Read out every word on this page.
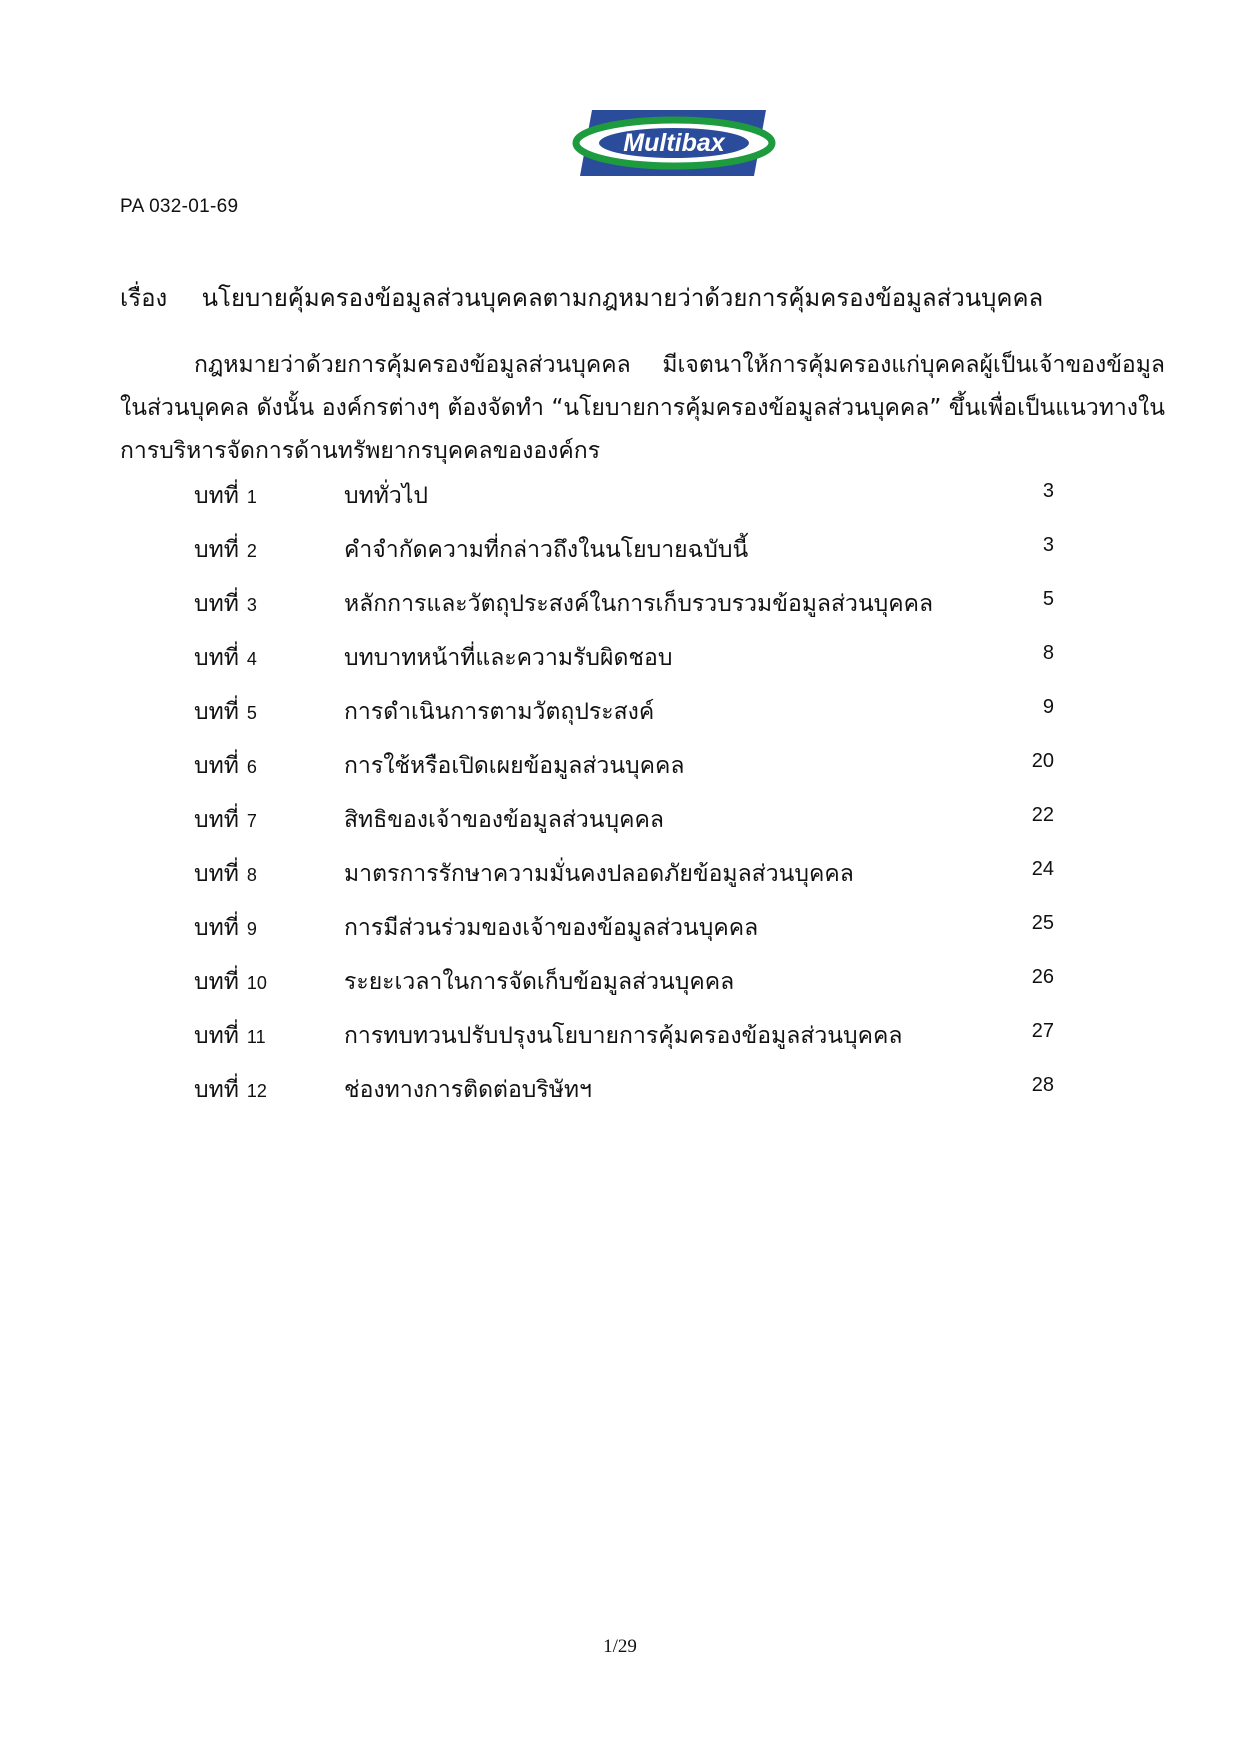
Multibax
PA 032-01-69
เรื่อง นโยบายคุ้มครองข้อมูลส่วนบุคคลตามกฎหมายว่าด้วยการคุ้มครองข้อมูลส่วนบุคคล

กฎหมายว่าด้วยการคุ้มครองข้อมูลส่วนบุคคล มีเจตนาให้การคุ้มครองแก่บุคคลผู้เป็นเจ้าของข้อมูลในส่วนบุคคล ดังนั้น องค์กรต่างๆ ต้องจัดทำ “นโยบายการคุ้มครองข้อมูลส่วนบุคคล” ขึ้นเพื่อเป็นแนวทางในการบริหารจัดการด้านทรัพยากรบุคคลขององค์กร

บทที่ 1	บททั่วไป	3
บทที่ 2	คำจำกัดความที่กล่าวถึงในนโยบายฉบับนี้	3
บทที่ 3	หลักการและวัตถุประสงค์ในการเก็บรวบรวมข้อมูลส่วนบุคคล	5
บทที่ 4	บทบาทหน้าที่และความรับผิดชอบ	8
บทที่ 5	การดำเนินการตามวัตถุประสงค์	9
บทที่ 6	การใช้หรือเปิดเผยข้อมูลส่วนบุคคล	20
บทที่ 7	สิทธิของเจ้าของข้อมูลส่วนบุคคล	22
บทที่ 8	มาตรการรักษาความมั่นคงปลอดภัยข้อมูลส่วนบุคคล	24
บทที่ 9	การมีส่วนร่วมของเจ้าของข้อมูลส่วนบุคคล	25
บทที่ 10	ระยะเวลาในการจัดเก็บข้อมูลส่วนบุคคล	26
บทที่ 11	การทบทวนปรับปรุงนโยบายการคุ้มครองข้อมูลส่วนบุคคล	27
บทที่ 12	ช่องทางการติดต่อบริษัทฯ	28
1/29
